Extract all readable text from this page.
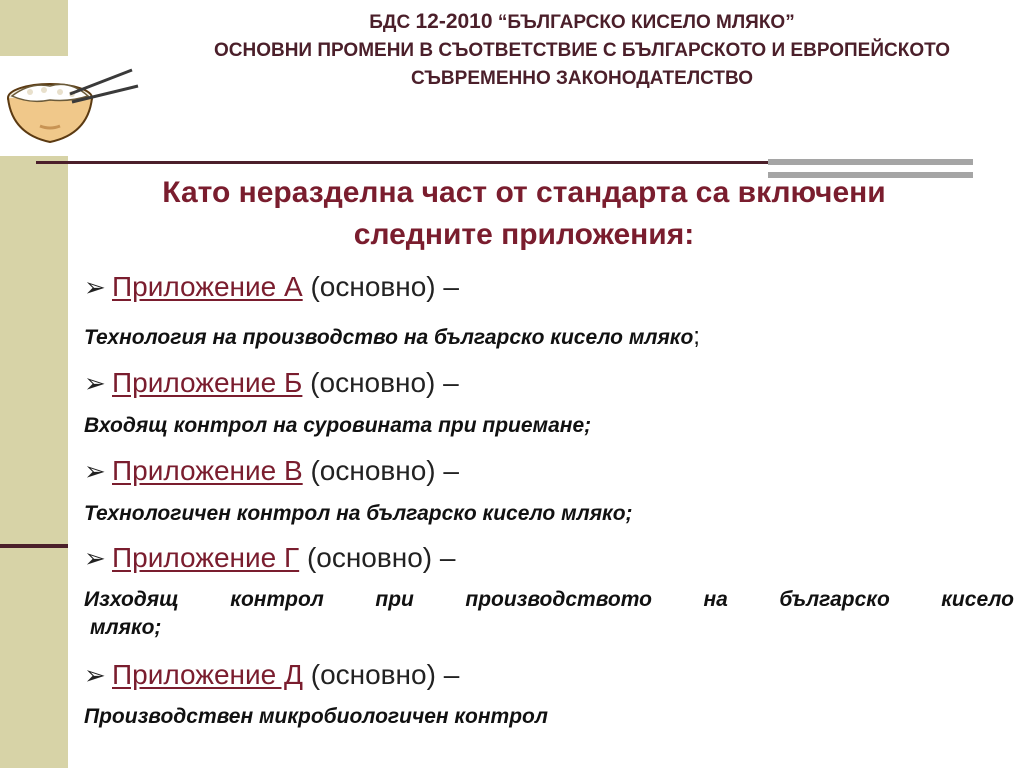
БДС 12-2010 “БЪЛГАРСКО КИСЕЛО МЛЯКО”
ОСНОВНИ ПРОМЕНИ В СЪОТВЕТСТВИЕ С БЪЛГАРСКОТО И ЕВРОПЕЙСКОТО
СЪВРЕМЕННО ЗАКОНОДАТЕЛСТВО
Като неразделна част от стандарта са включени
следните приложения:
➢ Приложение А (основно) –
Технология на производство на българско кисело мляко;
➢ Приложение Б (основно) –
Входящ контрол на суровината при приемане;
➢ Приложение В (основно) –
Технологичен контрол на българско кисело мляко;
➢ Приложение Г (основно) –
Изходящ контрол при производството на българско кисело
мляко;
➢ Приложение Д (основно) –
Производствен микробиологичен контрол
